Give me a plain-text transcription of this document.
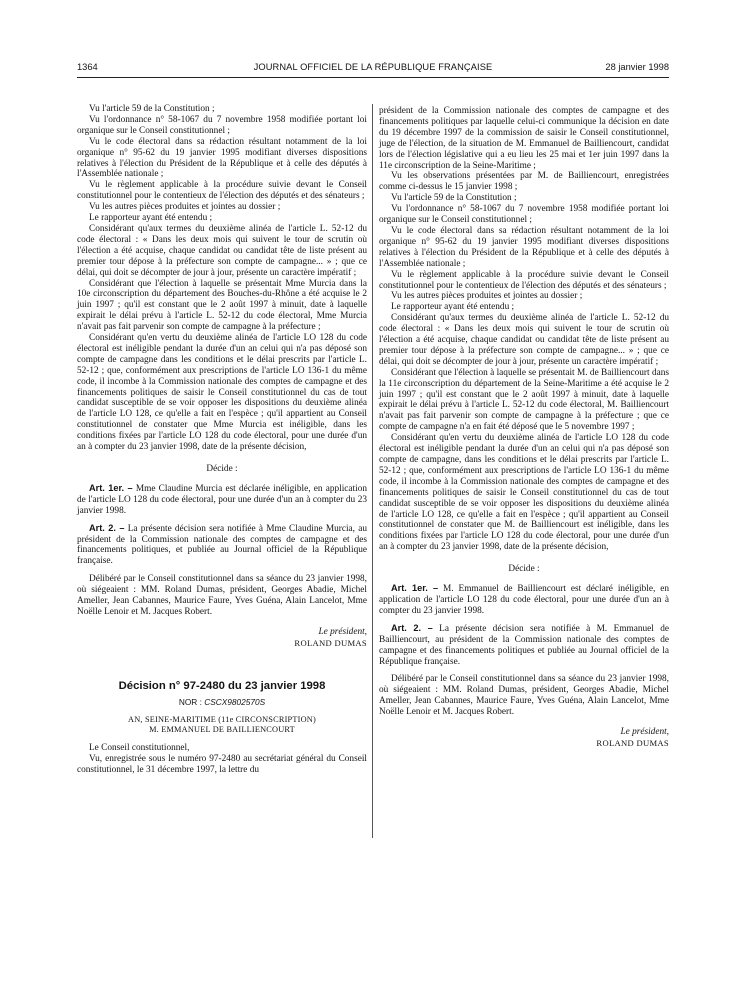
1364	JOURNAL OFFICIEL DE LA RÉPUBLIQUE FRANÇAISE	28 janvier 1998

Vu l'article 59 de la Constitution ;

Vu l'ordonnance n° 58-1067 du 7 novembre 1958 modifiée portant loi organique sur le Conseil constitutionnel ;

Vu le code électoral dans sa rédaction résultant notamment de la loi organique n° 95-62 du 19 janvier 1995 modifiant diverses dispositions relatives à l'élection du Président de la République et à celle des députés à l'Assemblée nationale ;

Vu le règlement applicable à la procédure suivie devant le Conseil constitutionnel pour le contentieux de l'élection des députés et des sénateurs ;

Vu les autres pièces produites et jointes au dossier ;

Le rapporteur ayant été entendu ;

Considérant qu'aux termes du deuxième alinéa de l'article L. 52-12 du code électoral : « Dans les deux mois qui suivent le tour de scrutin où l'élection a été acquise, chaque candidat ou candidat tête de liste présent au premier tour dépose à la préfecture son compte de campagne... » ; que ce délai, qui doit se décompter de jour à jour, présente un caractère impératif ;

Considérant que l'élection à laquelle se présentait Mme Murcia dans la 10e circonscription du département des Bouches-du-Rhône a été acquise le 2 juin 1997 ; qu'il est constant que le 2 août 1997 à minuit, date à laquelle expirait le délai prévu à l'article L. 52-12 du code électoral, Mme Murcia n'avait pas fait parvenir son compte de campagne à la préfecture ;

Considérant qu'en vertu du deuxième alinéa de l'article LO 128 du code électoral est inéligible pendant la durée d'un an celui qui n'a pas déposé son compte de campagne dans les conditions et le délai prescrits par l'article L. 52-12 ; que, conformément aux prescriptions de l'article LO 136-1 du même code, il incombe à la Commission nationale des comptes de campagne et des financements politiques de saisir le Conseil constitutionnel du cas de tout candidat susceptible de se voir opposer les dispositions du deuxième alinéa de l'article LO 128, ce qu'elle a fait en l'espèce ; qu'il appartient au Conseil constitutionnel de constater que Mme Murcia est inéligible, dans les conditions fixées par l'article LO 128 du code électoral, pour une durée d'un an à compter du 23 janvier 1998, date de la présente décision,

Décide :

Art. 1er. – Mme Claudine Murcia est déclarée inéligible, en application de l'article LO 128 du code électoral, pour une durée d'un an à compter du 23 janvier 1998.

Art. 2. – La présente décision sera notifiée à Mme Claudine Murcia, au président de la Commission nationale des comptes de campagne et des financements politiques, et publiée au Journal officiel de la République française.

Délibéré par le Conseil constitutionnel dans sa séance du 23 janvier 1998, où siégeaient : MM. Roland Dumas, président, Georges Abadie, Michel Ameller, Jean Cabannes, Maurice Faure, Yves Guéna, Alain Lancelot, Mme Noëlle Lenoir et M. Jacques Robert.

Le président,
ROLAND DUMAS
Décision n° 97-2480 du 23 janvier 1998
NOR : CSCX9802570S
AN, SEINE-MARITIME (11e CIRCONSCRIPTION)
M. EMMANUEL DE BAILLIENCOURT

Le Conseil constitutionnel,

Vu, enregistrée sous le numéro 97-2480 au secrétariat général du Conseil constitutionnel, le 31 décembre 1997, la lettre du

président de la Commission nationale des comptes de campagne et des financements politiques par laquelle celui-ci communique la décision en date du 19 décembre 1997 de la commission de saisir le Conseil constitutionnel, juge de l'élection, de la situation de M. Emmanuel de Bailliencourt, candidat lors de l'élection législative qui a eu lieu les 25 mai et 1er juin 1997 dans la 11e circonscription de la Seine-Maritime ;

Vu les observations présentées par M. de Bailliencourt, enregistrées comme ci-dessus le 15 janvier 1998 ;

Vu l'article 59 de la Constitution ;

Vu l'ordonnance n° 58-1067 du 7 novembre 1958 modifiée portant loi organique sur le Conseil constitutionnel ;

Vu le code électoral dans sa rédaction résultant notamment de la loi organique n° 95-62 du 19 janvier 1995 modifiant diverses dispositions relatives à l'élection du Président de la République et à celle des députés à l'Assemblée nationale ;

Vu le règlement applicable à la procédure suivie devant le Conseil constitutionnel pour le contentieux de l'élection des députés et des sénateurs ;

Vu les autres pièces produites et jointes au dossier ;

Le rapporteur ayant été entendu ;

Considérant qu'aux termes du deuxième alinéa de l'article L. 52-12 du code électoral : « Dans les deux mois qui suivent le tour de scrutin où l'élection a été acquise, chaque candidat ou candidat tête de liste présent au premier tour dépose à la préfecture son compte de campagne... » ; que ce délai, qui doit se décompter de jour à jour, présente un caractère impératif ;

Considérant que l'élection à laquelle se présentait M. de Bailliencourt dans la 11e circonscription du département de la Seine-Maritime a été acquise le 2 juin 1997 ; qu'il est constant que le 2 août 1997 à minuit, date à laquelle expirait le délai prévu à l'article L. 52-12 du code électoral, M. Bailliencourt n'avait pas fait parvenir son compte de campagne à la préfecture ; que ce compte de campagne n'a en fait été déposé que le 5 novembre 1997 ;

Considérant qu'en vertu du deuxième alinéa de l'article LO 128 du code électoral est inéligible pendant la durée d'un an celui qui n'a pas déposé son compte de campagne, dans les conditions et le délai prescrits par l'article L. 52-12 ; que, conformément aux prescriptions de l'article LO 136-1 du même code, il incombe à la Commission nationale des comptes de campagne et des financements politiques de saisir le Conseil constitutionnel du cas de tout candidat susceptible de se voir opposer les dispositions du deuxième alinéa de l'article LO 128, ce qu'elle a fait en l'espèce ; qu'il appartient au Conseil constitutionnel de constater que M. de Bailliencourt est inéligible, dans les conditions fixées par l'article LO 128 du code électoral, pour une durée d'un an à compter du 23 janvier 1998, date de la présente décision,

Décide :

Art. 1er. – M. Emmanuel de Bailliencourt est déclaré inéligible, en application de l'article LO 128 du code électoral, pour une durée d'un an à compter du 23 janvier 1998.

Art. 2. – La présente décision sera notifiée à M. Emmanuel de Bailliencourt, au président de la Commission nationale des comptes de campagne et des financements politiques et publiée au Journal officiel de la République française.

Délibéré par le Conseil constitutionnel dans sa séance du 23 janvier 1998, où siégeaient : MM. Roland Dumas, président, Georges Abadie, Michel Ameller, Jean Cabannes, Maurice Faure, Yves Guéna, Alain Lancelot, Mme Noëlle Lenoir et M. Jacques Robert.

Le président,
ROLAND DUMAS
